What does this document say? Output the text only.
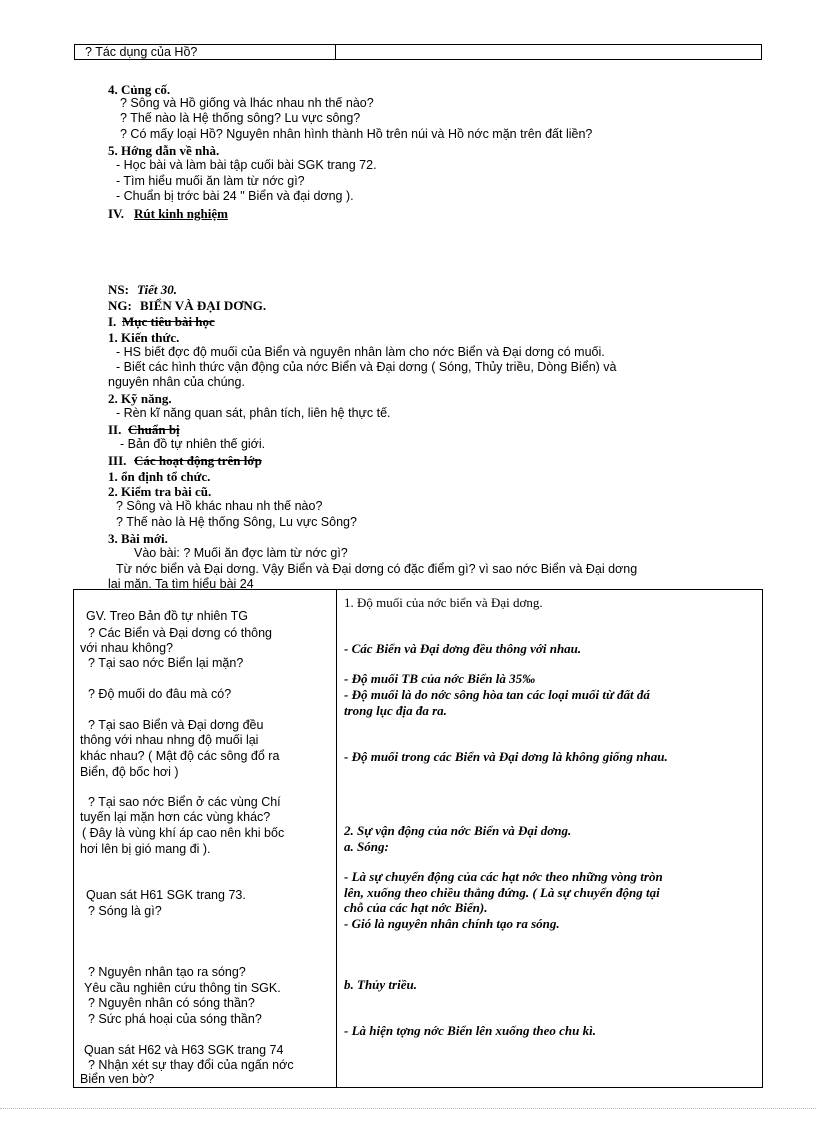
? Tác dụng của Hồ?
4. Củng cố.
? Sông và Hồ giống và lhác nhau nh thế nào?
? Thế nào là Hệ thống sông? Lu vực sông?
? Có mấy loại Hồ? Nguyên nhân hình thành Hồ trên núi và Hồ nớc mặn trên đất liền?
5. Hớng dẫn về nhà.
- Học bài và làm bài tập cuối bài SGK trang 72.
- Tìm hiểu muối ăn làm từ nớc gì?
- Chuẩn bị trớc bài 24 " Biển và đại dơng ).
IV. Rút kinh nghiệm
NS: Tiết 30.
NG: BIỂN VÀ ĐẠI DƠNG.
I. Mục tiêu bài học
1. Kiến thức.
- HS biết đợc độ muối của Biển và nguyên nhân làm cho nớc Biển và Đại dơng có muối.
- Biết các hình thức vận động của nớc Biển và Đại dơng ( Sóng, Thủy triều, Dòng Biển) và
nguyên nhân của chúng.
2. Kỹ năng.
- Rèn kĩ năng quan sát, phân tích, liên hệ thực tế.
II. Chuẩn bị
- Bản đồ tự nhiên thế giới.
III. Các hoạt động trên lớp
1. ổn định tổ chức.
2. Kiểm tra bài cũ.
? Sông và Hồ khác nhau nh thế nào?
? Thế nào là Hệ thống Sông, Lu vực Sông?
3. Bài mới.
Vào bài: ? Muối ăn đợc làm từ nớc gì?
Từ nớc biển và Đại dơng. Vậy Biển và Đại dơng có đặc điểm gì? vì sao nớc Biển và Đại dơng
lại mặn. Ta tìm hiểu bài 24
GV. Treo Bản đồ tự nhiên TG
? Các Biển và Đại dơng có thông
với nhau không?
? Tại sao nớc Biển lại mặn?
? Độ muối do đâu mà có?
? Tại sao Biển và Đại dơng đều
thông với nhau nhng độ muối lại
khác nhau? ( Mật độ các sông đổ ra
Biển, độ bốc hơi )
? Tại sao nớc Biển ở các vùng Chí
tuyến lại mặn hơn các vùng khác?
( Đây là vùng khí áp cao nên khi bốc
hơi lên bị gió mang đi ).
Quan sát H61 SGK trang 73.
? Sóng là gì?
? Nguyên nhân tạo ra sóng?
Yêu cầu nghiên cứu thông tin SGK.
? Nguyên nhân có sóng thần?
? Sức phá hoại của sóng thần?
Quan sát H62 và H63 SGK trang 74
? Nhận xét sự thay đổi của ngấn nớc
Biển ven bờ?
1. Độ muối của nớc biển và Đại dơng.
- Các Biển và Đại dơng đều thông với nhau.
- Độ muối TB của nớc Biển là 35‰
- Độ muối là do nớc sông hòa tan các loại muối từ đất đá
trong lục địa đa ra.
- Độ muối trong các Biển và Đại dơng là không giống nhau.
2. Sự vận động của nớc Biển và Đại dơng.
a. Sóng:
- Là sự chuyển động của các hạt nớc theo những vòng tròn
lên, xuống theo chiều thẳng đứng. ( Là sự chuyển động tại
chỗ của các hạt nớc Biển).
- Gió là nguyên nhân chính tạo ra sóng.
b. Thủy triều.
- Là hiện tợng nớc Biển lên xuống theo chu kì.
